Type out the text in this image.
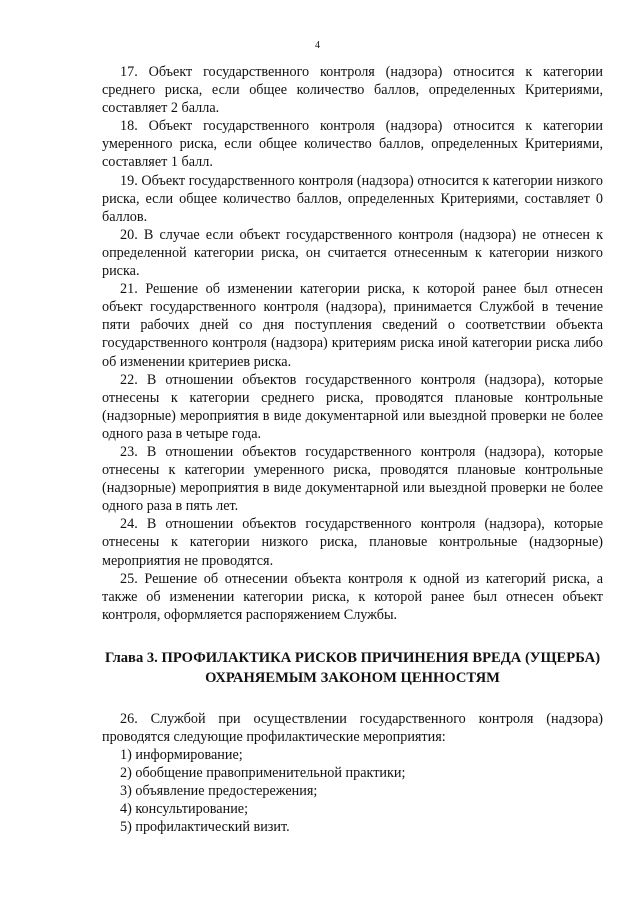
4

17. Объект государственного контроля (надзора) относится к категории среднего риска, если общее количество баллов, определенных Критериями, составляет 2 балла.

18. Объект государственного контроля (надзора) относится к категории умеренного риска, если общее количество баллов, определенных Критериями, составляет 1 балл.

19. Объект государственного контроля (надзора) относится к категории низкого риска, если общее количество баллов, определенных Критериями, составляет 0 баллов.

20. В случае если объект государственного контроля (надзора) не отнесен к определенной категории риска, он считается отнесенным к категории низкого риска.

21. Решение об изменении категории риска, к которой ранее был отнесен объект государственного контроля (надзора), принимается Службой в течение пяти рабочих дней со дня поступления сведений о соответствии объекта государственного контроля (надзора) критериям риска иной категории риска либо об изменении критериев риска.

22. В отношении объектов государственного контроля (надзора), которые отнесены к категории среднего риска, проводятся плановые контрольные (надзорные) мероприятия в виде документарной или выездной проверки не более одного раза в четыре года.

23. В отношении объектов государственного контроля (надзора), которые отнесены к категории умеренного риска, проводятся плановые контрольные (надзорные) мероприятия в виде документарной или выездной проверки не более одного раза в пять лет.

24. В отношении объектов государственного контроля (надзора), которые отнесены к категории низкого риска, плановые контрольные (надзорные) мероприятия не проводятся.

25. Решение об отнесении объекта контроля к одной из категорий риска, а также об изменении категории риска, к которой ранее был отнесен объект контроля, оформляется распоряжением Службы.

Глава 3. ПРОФИЛАКТИКА РИСКОВ ПРИЧИНЕНИЯ ВРЕДА (УЩЕРБА)
ОХРАНЯЕМЫМ ЗАКОНОМ ЦЕННОСТЯМ

26. Службой при осуществлении государственного контроля (надзора) проводятся следующие профилактические мероприятия:

1) информирование;
2) обобщение правоприменительной практики;
3) объявление предостережения;
4) консультирование;
5) профилактический визит.
